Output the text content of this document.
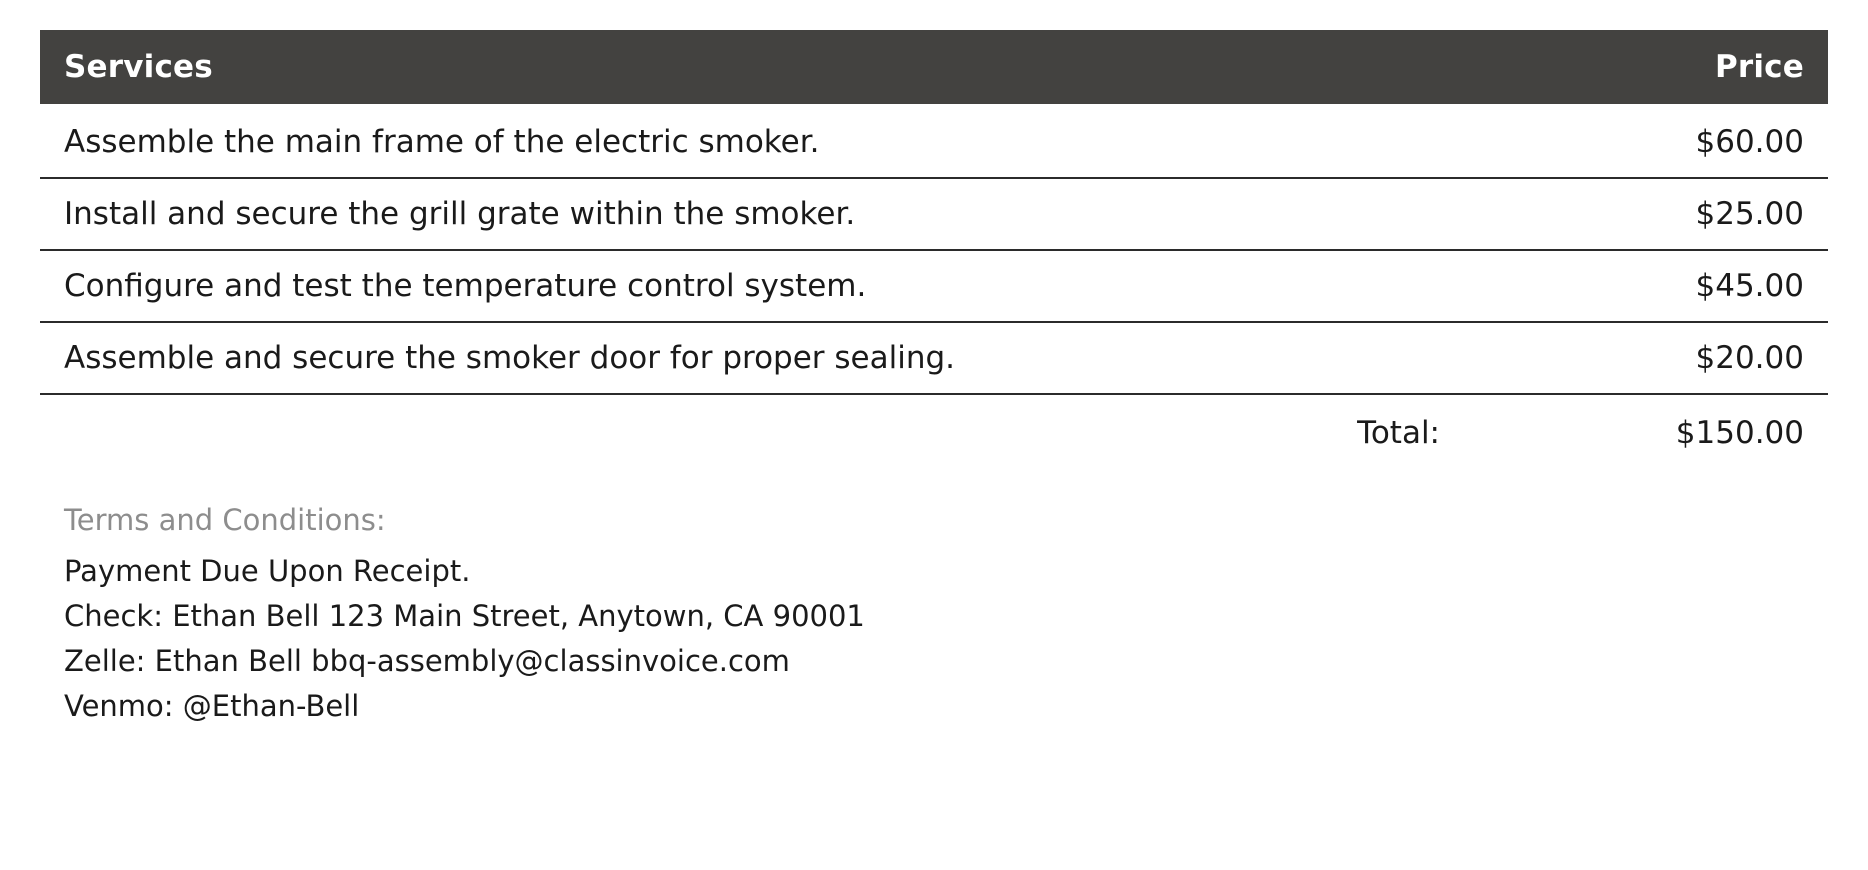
Services	Price
Assemble the main frame of the electric smoker.	$60.00
Install and secure the grill grate within the smoker.	$25.00
Configure and test the temperature control system.	$45.00
Assemble and secure the smoker door for proper sealing.	$20.00
Total:	$150.00
Terms and Conditions:
Payment Due Upon Receipt.
Check: Ethan Bell 123 Main Street, Anytown, CA 90001
Zelle: Ethan Bell bbq-assembly@classinvoice.com
Venmo: @Ethan-Bell
